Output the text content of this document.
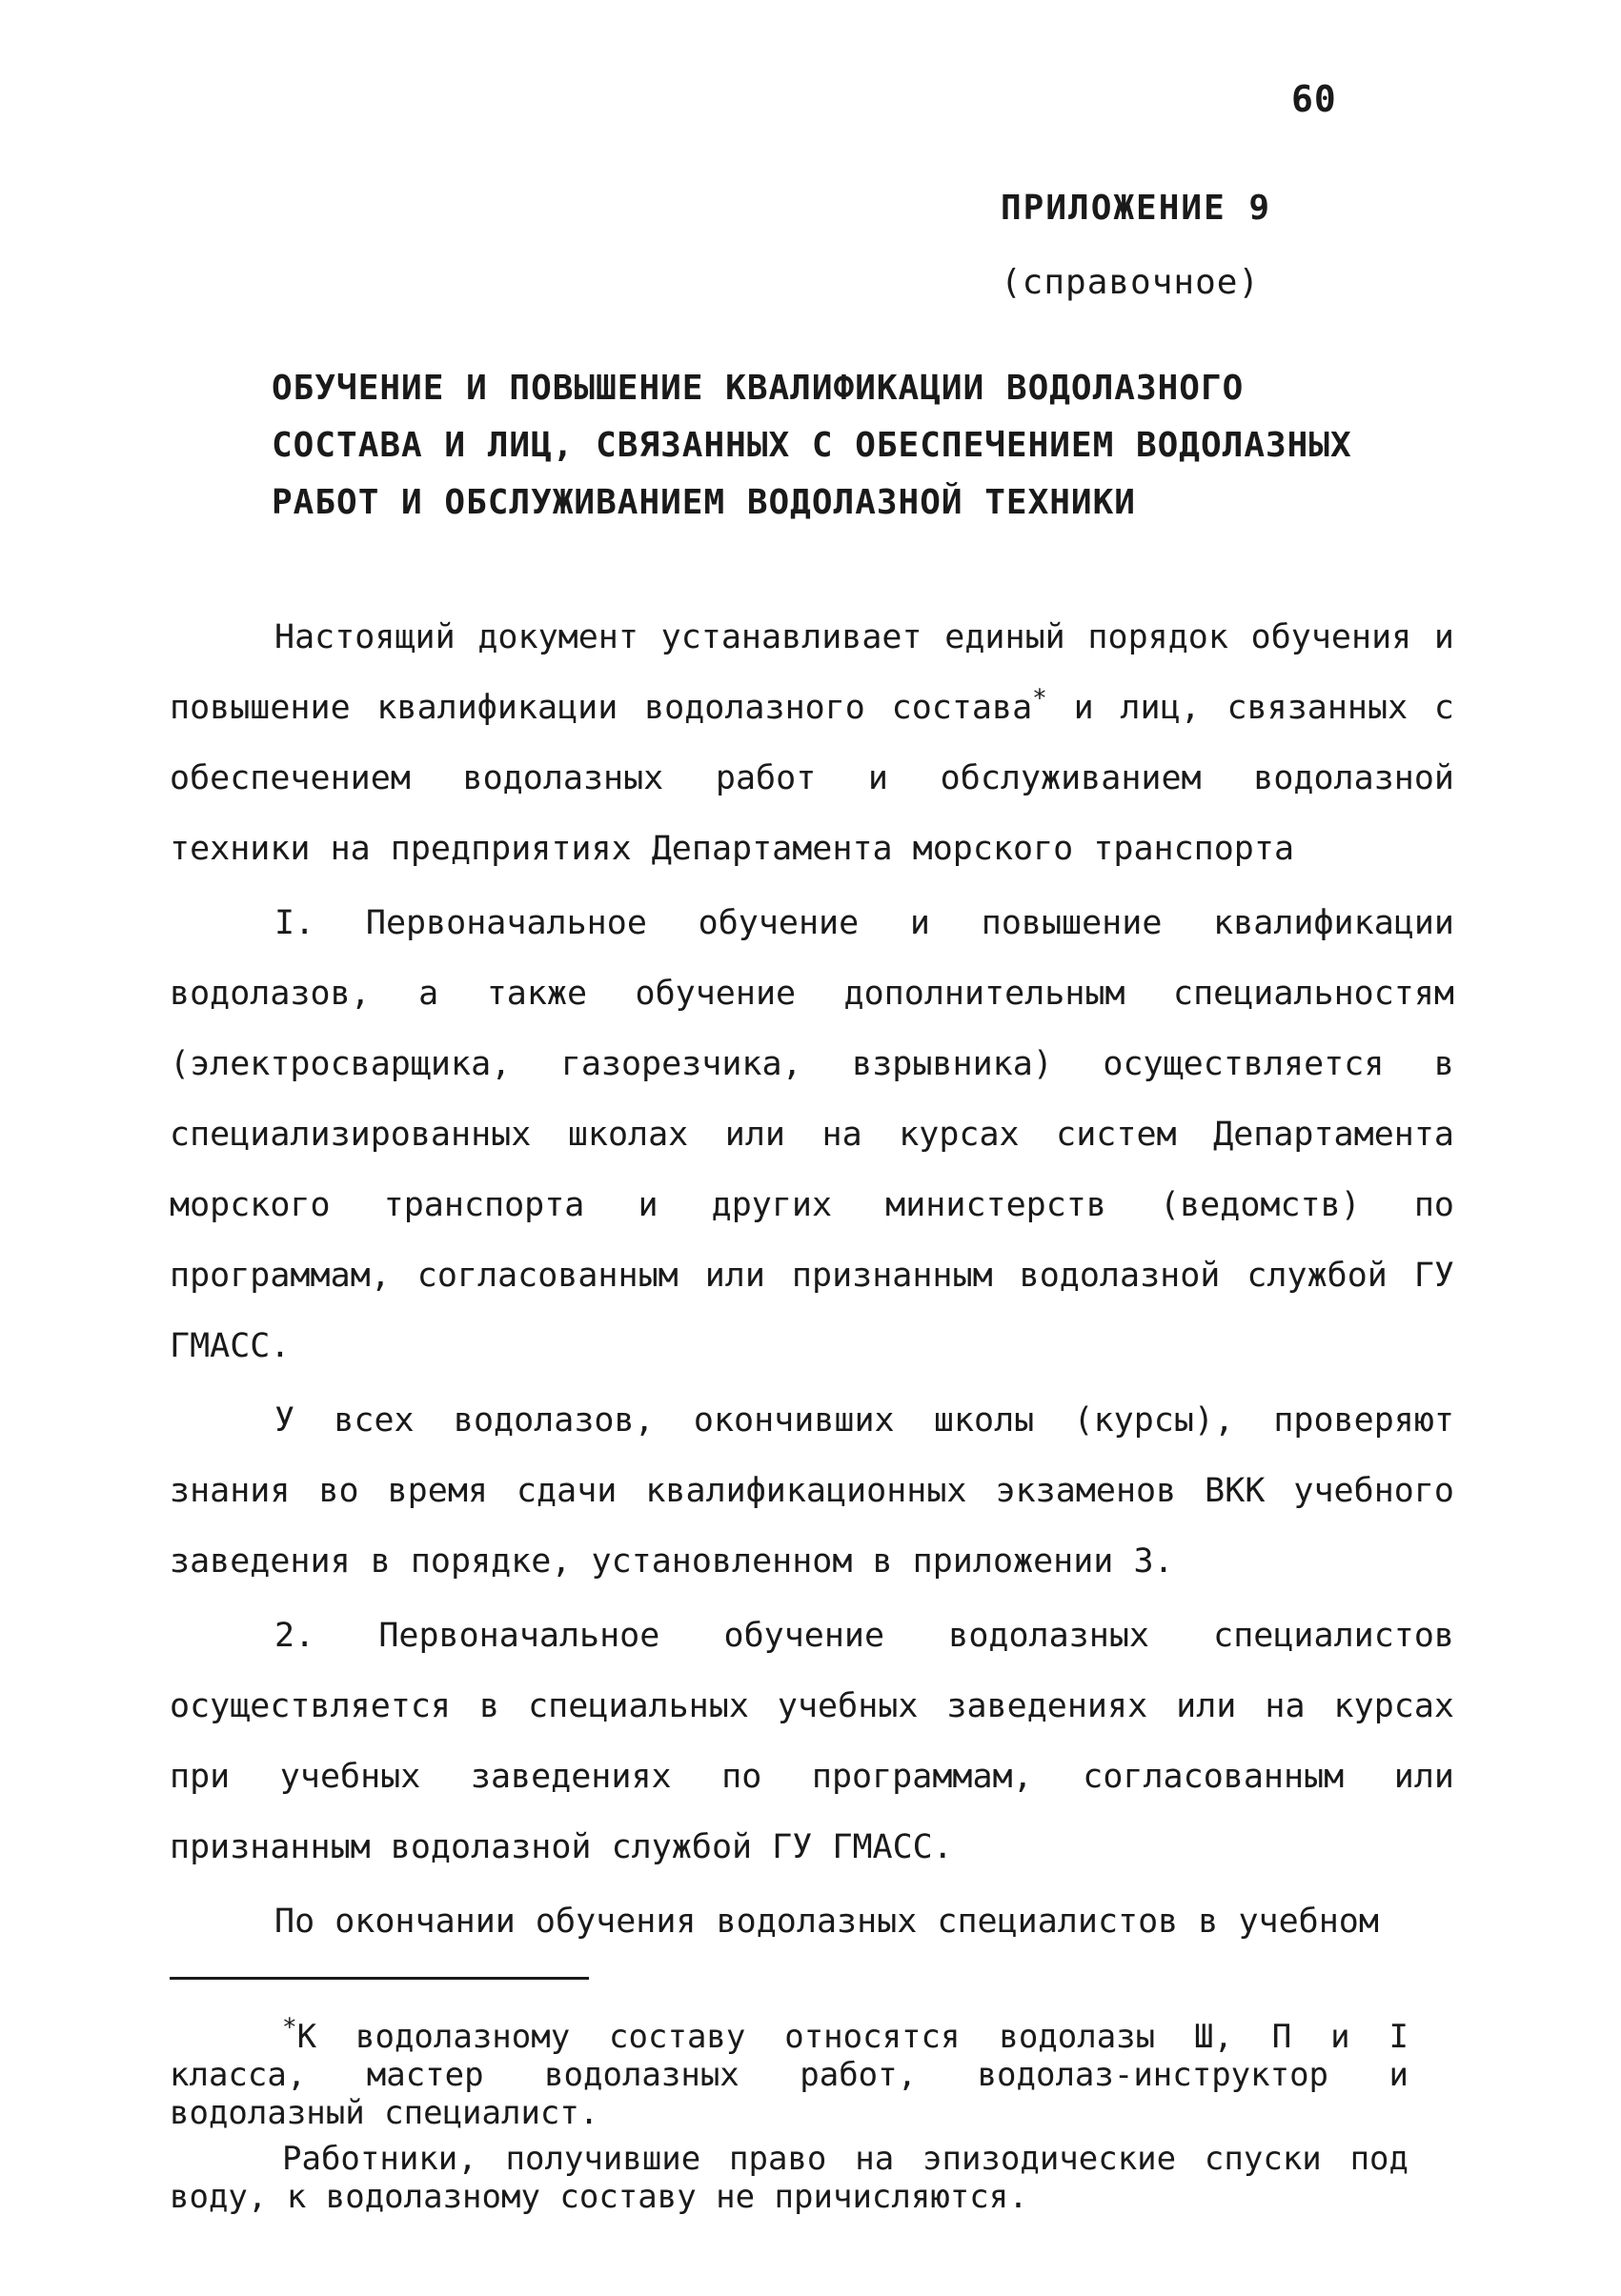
60
ПРИЛОЖЕНИЕ 9
(справочное)
ОБУЧЕНИЕ И ПОВЫШЕНИЕ КВАЛИФИКАЦИИ ВОДОЛАЗНОГО
СОСТАВА И ЛИЦ, СВЯЗАННЫХ С ОБЕСПЕЧЕНИЕМ ВОДОЛАЗНЫХ
РАБОТ И ОБСЛУЖИВАНИЕМ ВОДОЛАЗНОЙ ТЕХНИКИ

Настоящий документ устанавливает единый порядок обучения и повышение квалификации водолазного состава* и лиц, связанных с обеспечением водолазных работ и обслуживанием водолазной техники на предприятиях Департамента морского транспорта

I. Первоначальное обучение и повышение квалификации водолазов, а также обучение дополнительным специальностям (электросварщика, газорезчика, взрывника) осуществляется в специализированных школах или на курсах систем Департамента морского транспорта и других министерств (ведомств) по программам, согласованным или признанным водолазной службой ГУ ГМАСС.

У всех водолазов, окончивших школы (курсы), проверяют знания во время сдачи квалификационных экзаменов ВКК учебного заведения в порядке, установленном в приложении 3.

2. Первоначальное обучение водолазных специалистов осуществляется в специальных учебных заведениях или на курсах при учебных заведениях по программам, согласованным или признанным водолазной службой ГУ ГМАСС.

По окончании обучения водолазных специалистов в учебном

*К водолазному составу относятся водолазы Ш, П и I класса, мастер водолазных работ, водолаз-инструктор и водолазный специалист.

Работники, получившие право на эпизодические спуски под воду, к водолазному составу не причисляются.
